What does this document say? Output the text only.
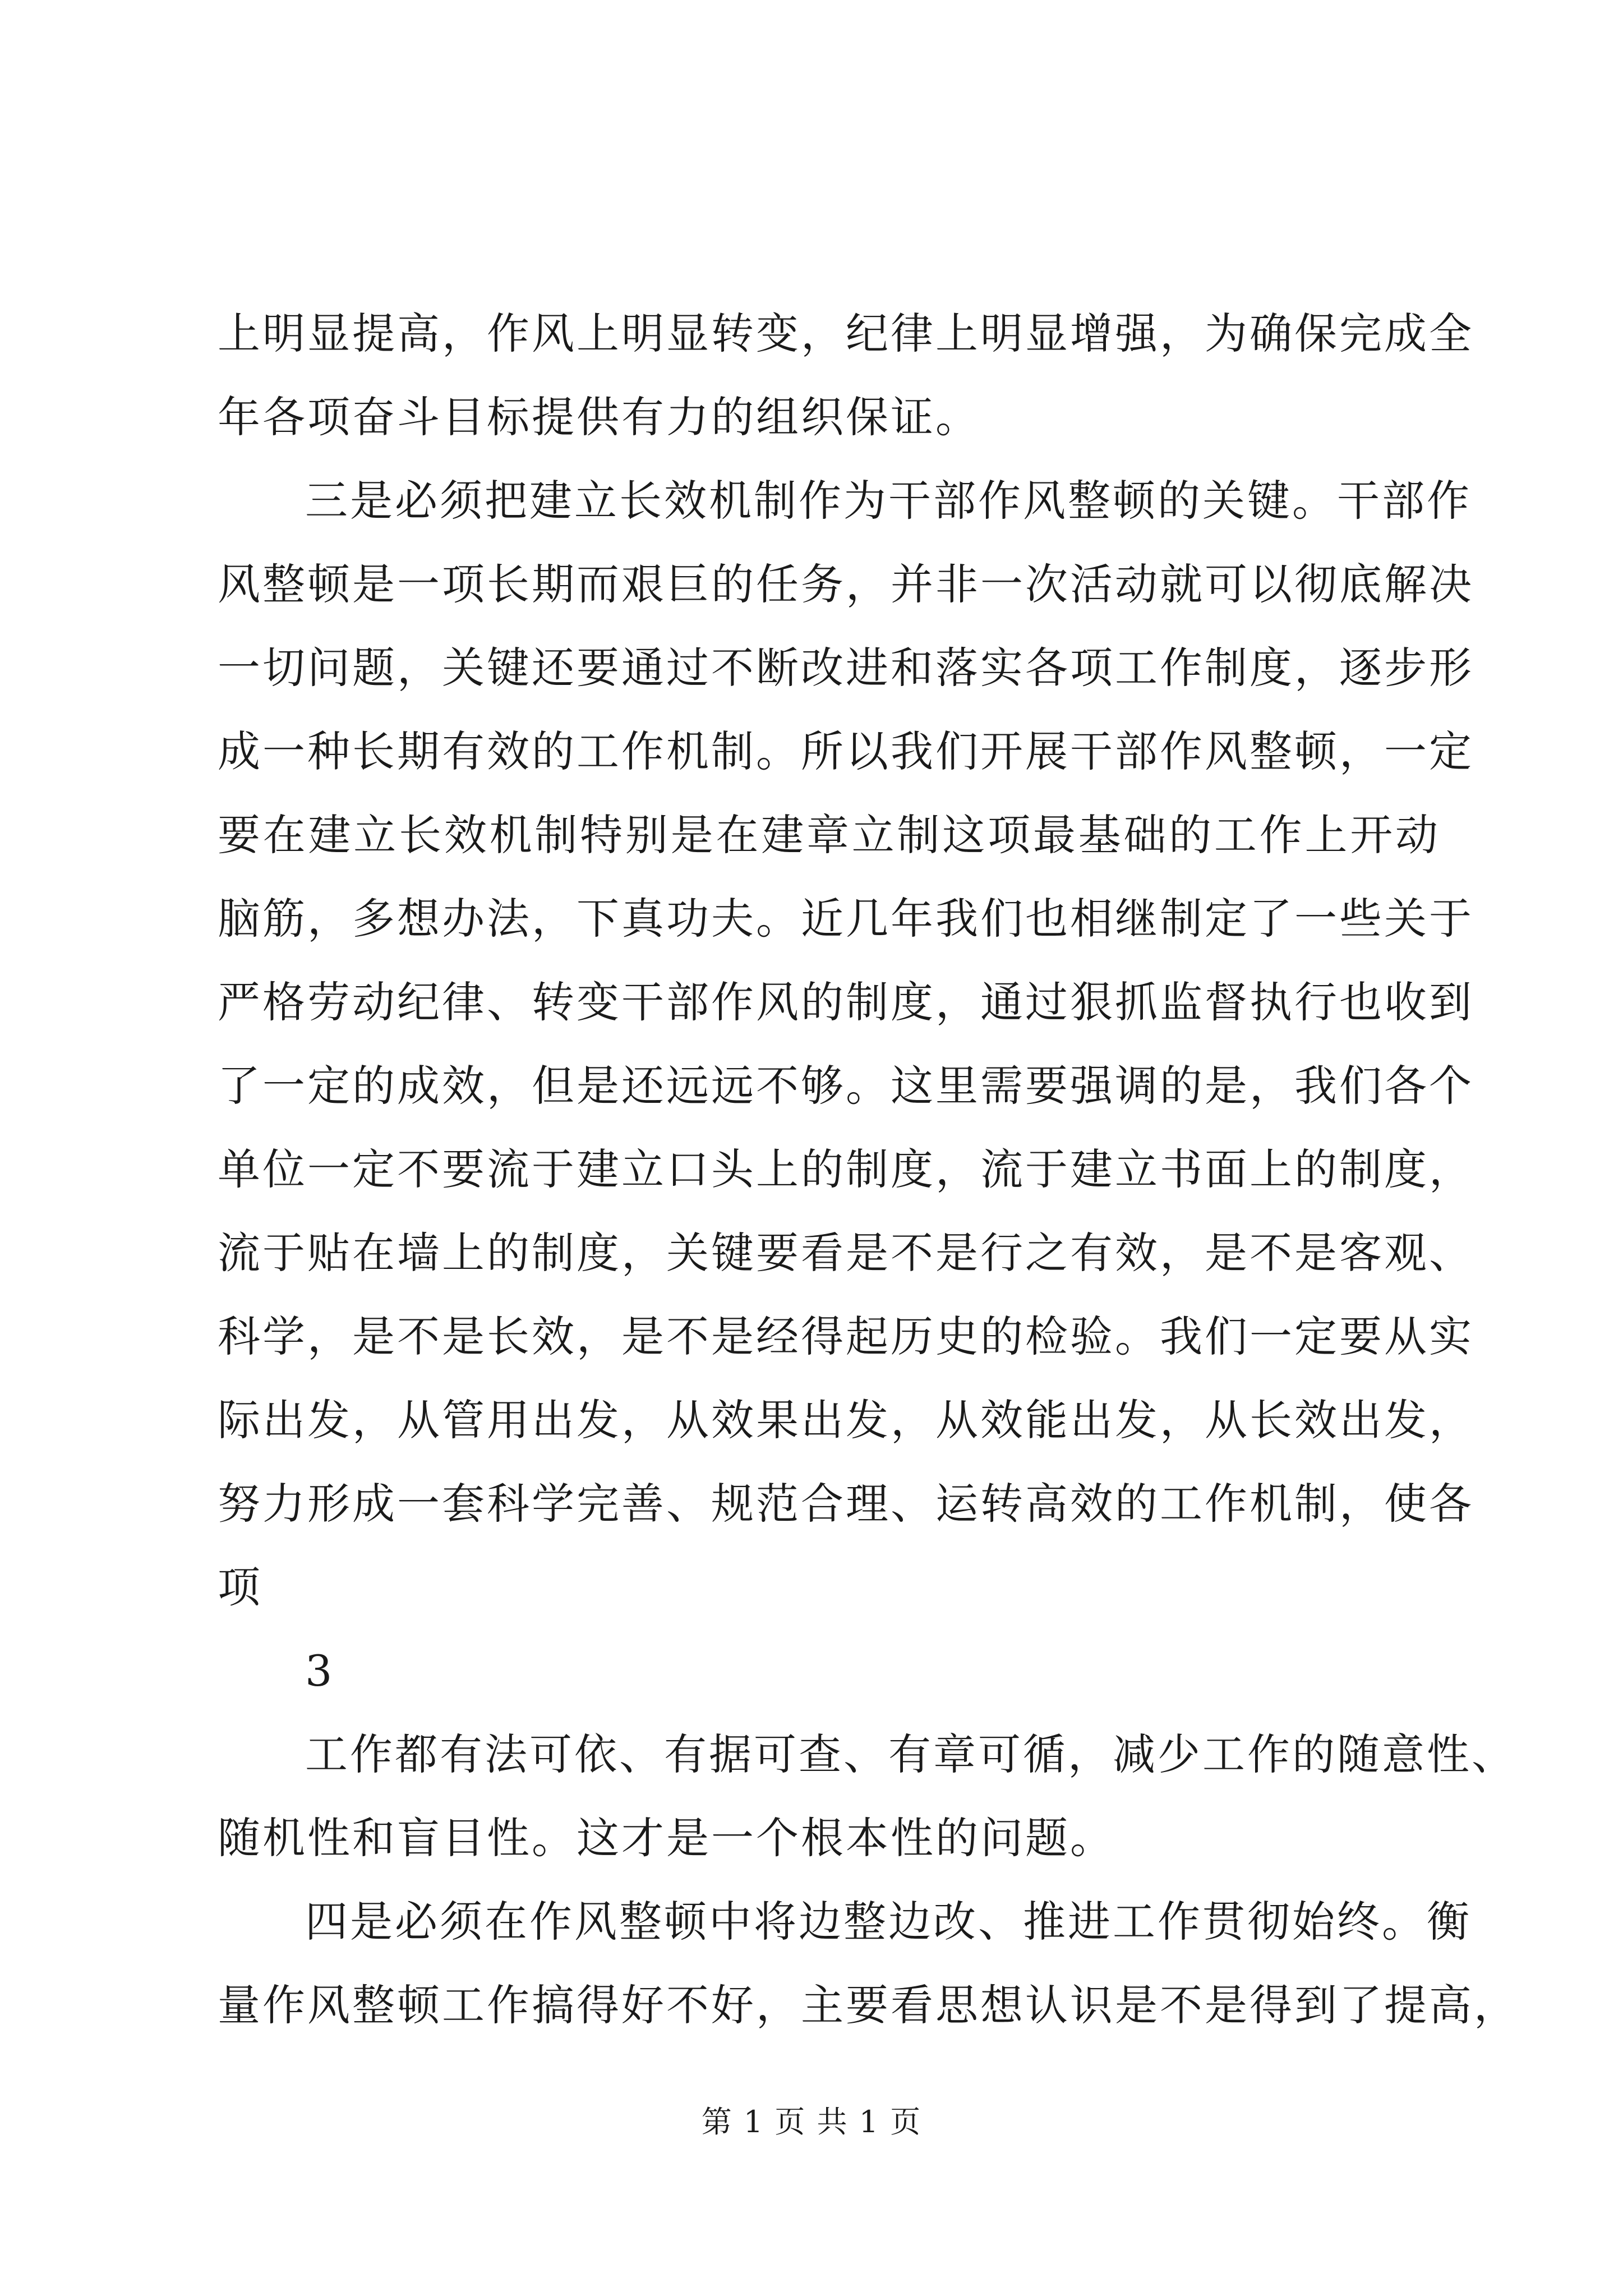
上明显提高，作风上明显转变，纪律上明显增强，为确保完成全

年各项奋斗目标提供有力的组织保证。

三是必须把建立长效机制作为干部作风整顿的关键。干部作

风整顿是一项长期而艰巨的任务，并非一次活动就可以彻底解决

一切问题，关键还要通过不断改进和落实各项工作制度，逐步形

成一种长期有效的工作机制。所以我们开展干部作风整顿，一定

要在建立长效机制特别是在建章立制这项最基础的工作上开动

脑筋，多想办法，下真功夫。近几年我们也相继制定了一些关于

严格劳动纪律、转变干部作风的制度，通过狠抓监督执行也收到

了一定的成效，但是还远远不够。这里需要强调的是，我们各个

单位一定不要流于建立口头上的制度，流于建立书面上的制度，

流于贴在墙上的制度，关键要看是不是行之有效，是不是客观、

科学，是不是长效，是不是经得起历史的检验。我们一定要从实

际出发，从管用出发，从效果出发，从效能出发，从长效出发，

努力形成一套科学完善、规范合理、运转高效的工作机制，使各

项

3

工作都有法可依、有据可查、有章可循，减少工作的随意性、

随机性和盲目性。这才是一个根本性的问题。

四是必须在作风整顿中将边整边改、推进工作贯彻始终。衡

量作风整顿工作搞得好不好，主要看思想认识是不是得到了提高，

第 1 页 共 1 页
